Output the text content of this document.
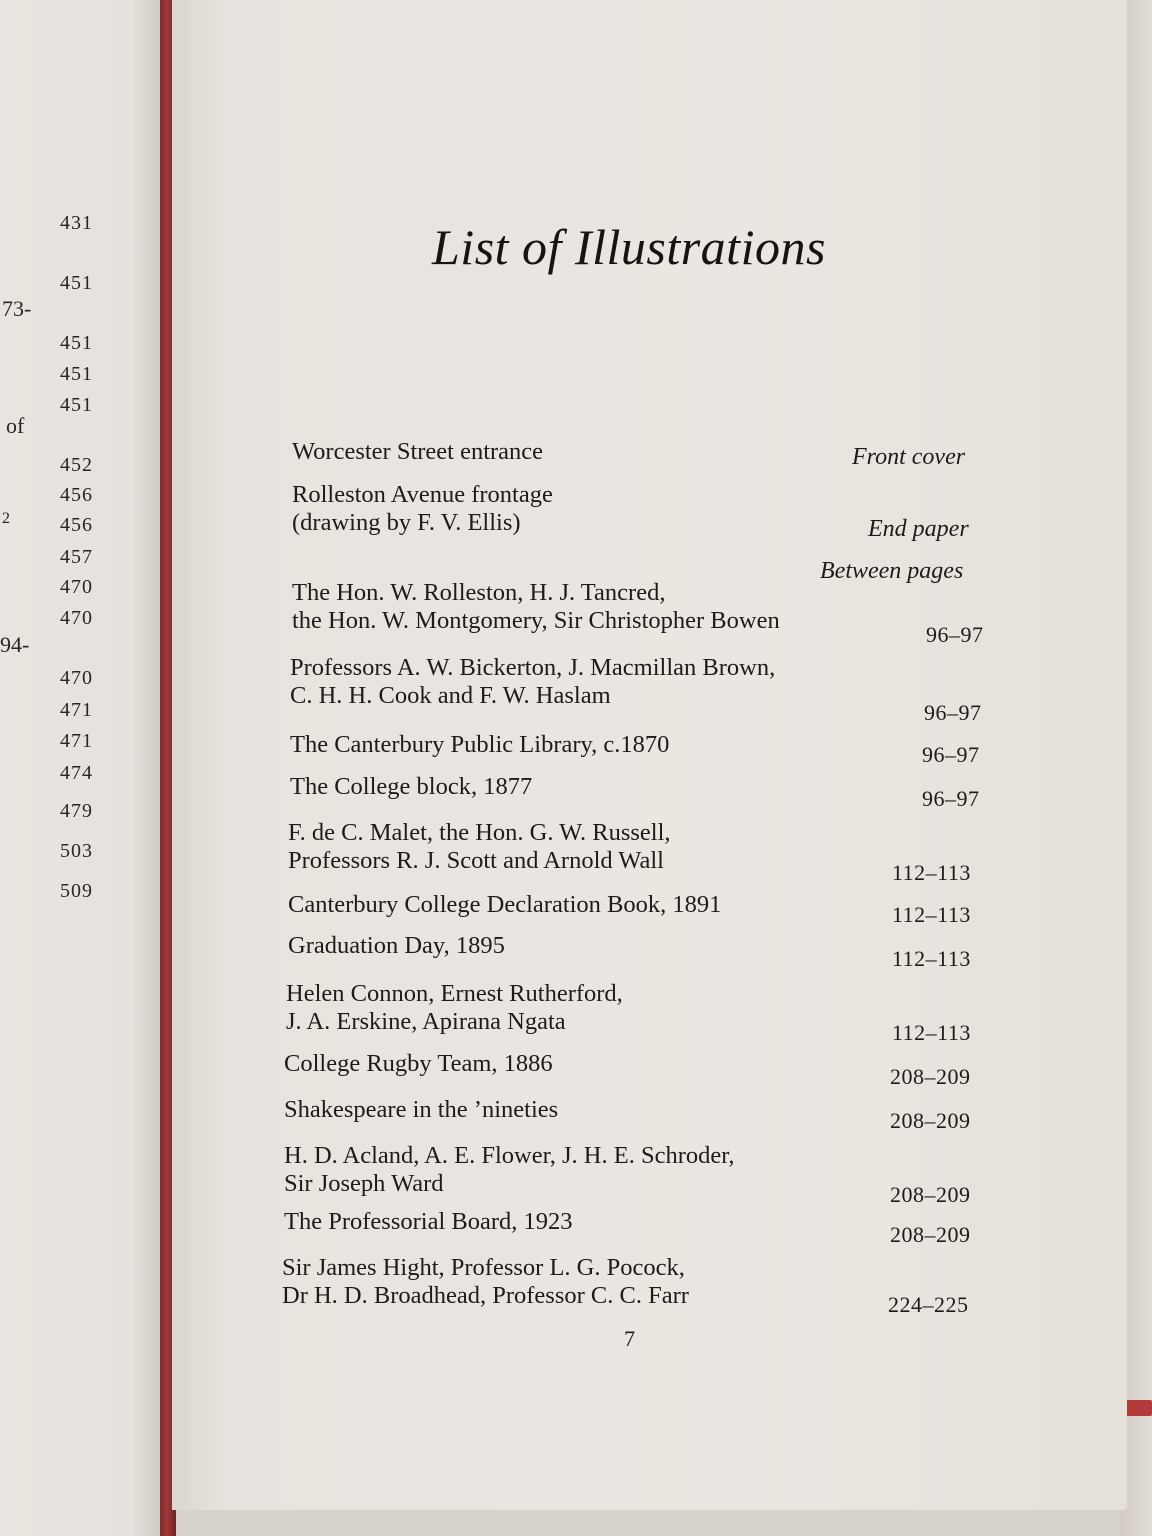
431
451
451
451
451
452
456
456
457
470
470
470
471
471
474
479
503
509
73-
of
2
94-
List of Illustrations
Worcester Street entrance	Front cover
Rolleston Avenue frontage
(drawing by F. V. Ellis)	End paper
Between pages
The Hon. W. Rolleston, H. J. Tancred,
the Hon. W. Montgomery, Sir Christopher Bowen
96–97
Professors A. W. Bickerton, J. Macmillan Brown,
C. H. H. Cook and F. W. Haslam
96–97
The Canterbury Public Library, c.1870	96–97
The College block, 1877	96–97
F. de C. Malet, the Hon. G. W. Russell,
Professors R. J. Scott and Arnold Wall	112–113
Canterbury College Declaration Book, 1891	112–113
Graduation Day, 1895	112–113
Helen Connon, Ernest Rutherford,
J. A. Erskine, Apirana Ngata	112–113
College Rugby Team, 1886	208–209
Shakespeare in the ’nineties	208–209
H. D. Acland, A. E. Flower, J. H. E. Schroder,
Sir Joseph Ward	208–209
The Professorial Board, 1923	208–209
Sir James Hight, Professor L. G. Pocock,
Dr H. D. Broadhead, Professor C. C. Farr	224–225
7
